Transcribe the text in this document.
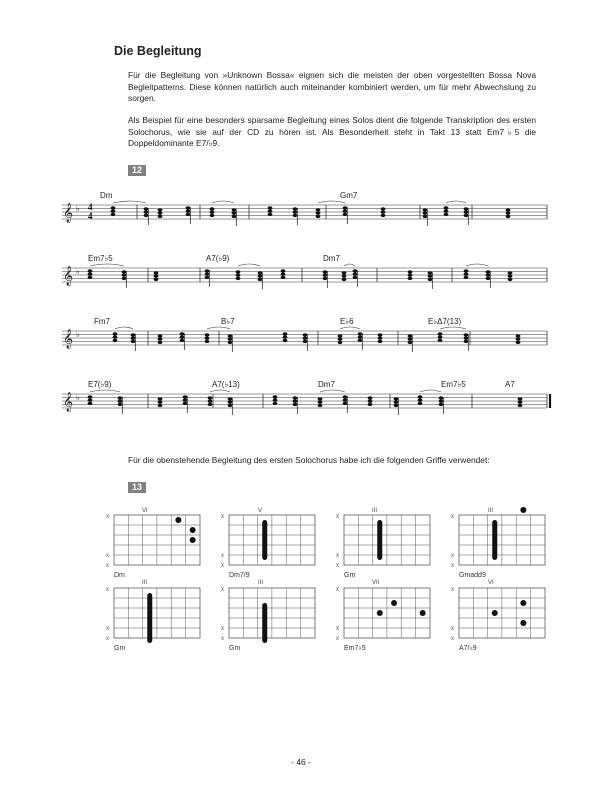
Die Begleitung
Für die Begleitung von »Unknown Bossa« eignen sich die meisten der oben vorgestellten Bossa Nova Begleitpatterns. Diese können natürlich auch miteinander kombiniert werden, um für mehr Abwechslung zu sorgen.
Als Beispiel für eine besonders sparsame Begleitung eines Solos dient die folgende Transkription des ersten Solochorus, wie sie auf der CD zu hören ist. Als Besonderheit steht in Takt 13 statt Em7♭5 die Doppeldominante E7/♭9.
12
𝄞 ♭
𝄞 ♭
𝄞 ♭
𝄞 ♭
Dm	Gm7
Em7♭5	A7(♭9)	Dm7
Fm7	B♭7	E♭6	E♭Δ7(13)
E7(♭9)	A7(♭13)	Dm7	Em7♭5	A7
4
4
x
x
x
x
x
x
x
x
x
x
x
x
x
x
x
x
x
x
x
x
x
x
x
x
VI	V	III	III
III	III	VII	VI
Dm	Dm7/9	Gm	Gmadd9
Gm	Gm	Em7♭5	A7/♭9
Für die obenstehende Begleitung des ersten Solochorus habe ich die folgenden Griffe verwendet:
13
- 46 -
